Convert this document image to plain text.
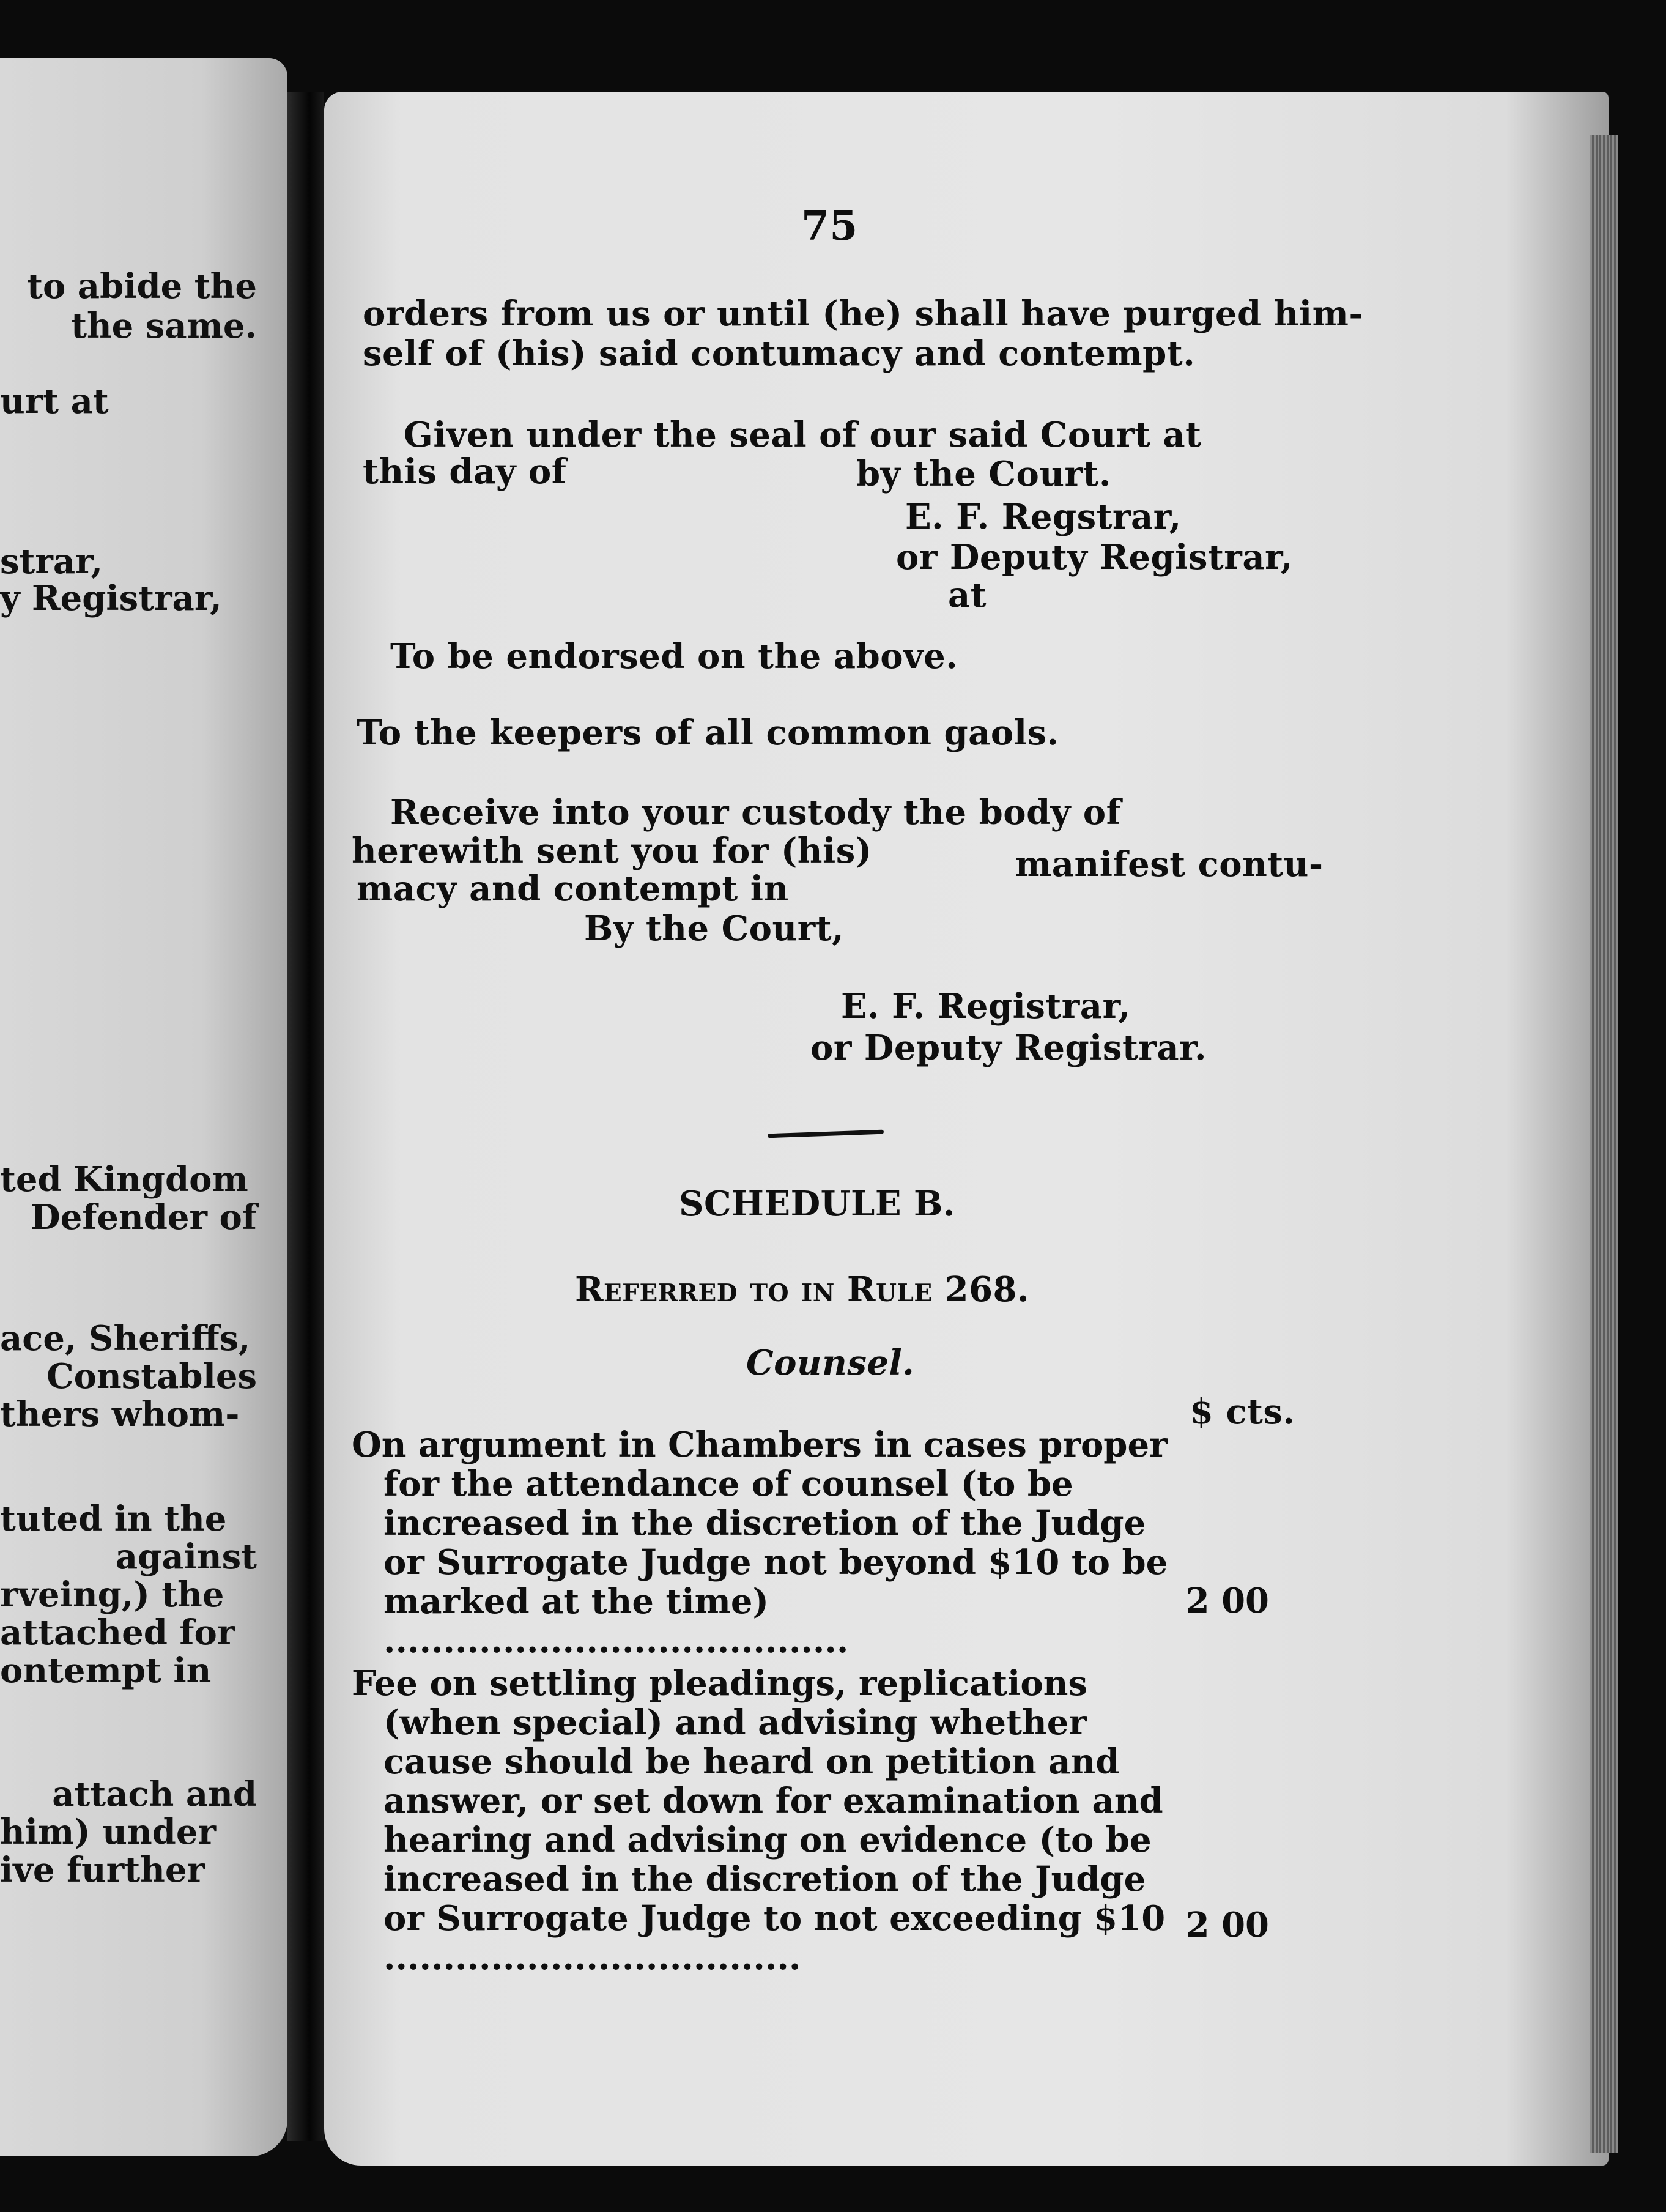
to abide the
the same.
urt at
strar,
y Registrar,
ted Kingdom
Defender of
ace, Sheriffs,
Constables
thers whom-
tuted in the
against
rveing,) the
attached for
ontempt in
attach and
him) under
ive further
75
orders from us or until (he) shall have purged him-
self of (his) said contumacy and contempt.
Given under the seal of our said Court at
this day of	by the Court.
E. F. Regstrar,
or Deputy Registrar,
at
To be endorsed on the above.
To the keepers of all common gaols.
Receive into your custody the body of
herewith sent you for (his)	manifest contu-
macy and contempt in
By the Court,
E. F. Registrar,
or Deputy Registrar.
SCHEDULE B.
Referred to in Rule 268.
Counsel.
$ cts.
On argument in Chambers in cases proper for the attendance of counsel (to be increased in the discretion of the Judge or Surrogate Judge not beyond $10 to be marked at the time) .......................................
2 00
Fee on settling pleadings, replications (when special) and advising whether cause should be heard on petition and answer, or set down for examination and hearing and advising on evidence (to be increased in the discretion of the Judge or Surrogate Judge to not exceeding $10 ...................................
2 00
